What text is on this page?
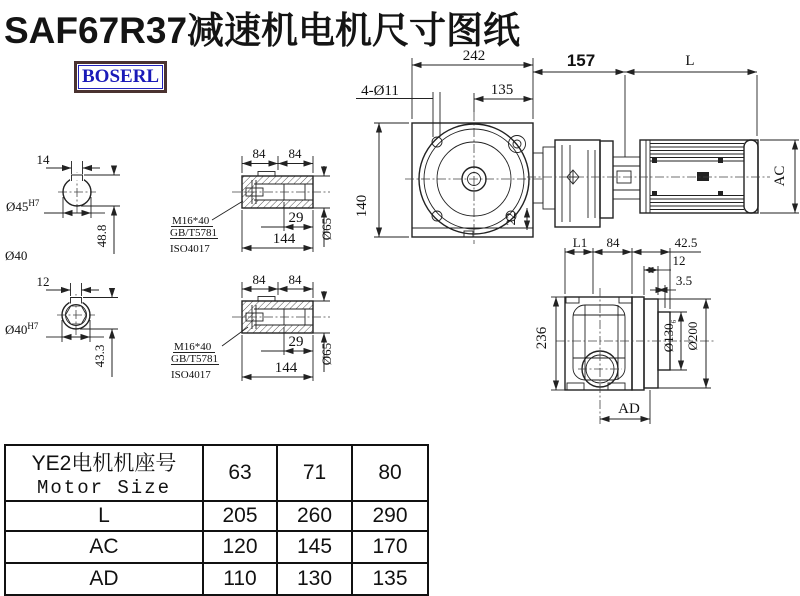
SAF67R37减速机电机尺寸图纸
BOSERL
14
$Ø45^{H7}$
48.8
Ø40
12
$Ø40^{H7}$
43.3
84 84
29
144 Ø65
M16*40
GB/T5781
ISO4017
84 84
29
144
Ø65
M16*40
GB/T5781
ISO4017
242
135
4-Ø11
140
22
157	L
AC
236
L1 84	42.5
12
3.5
$Ø130_6$ Ø200
AD
YE2电机机座号
Motor Size	63	71	80
L	205	260	290
AC	120	145	170
AD	110	130	135
